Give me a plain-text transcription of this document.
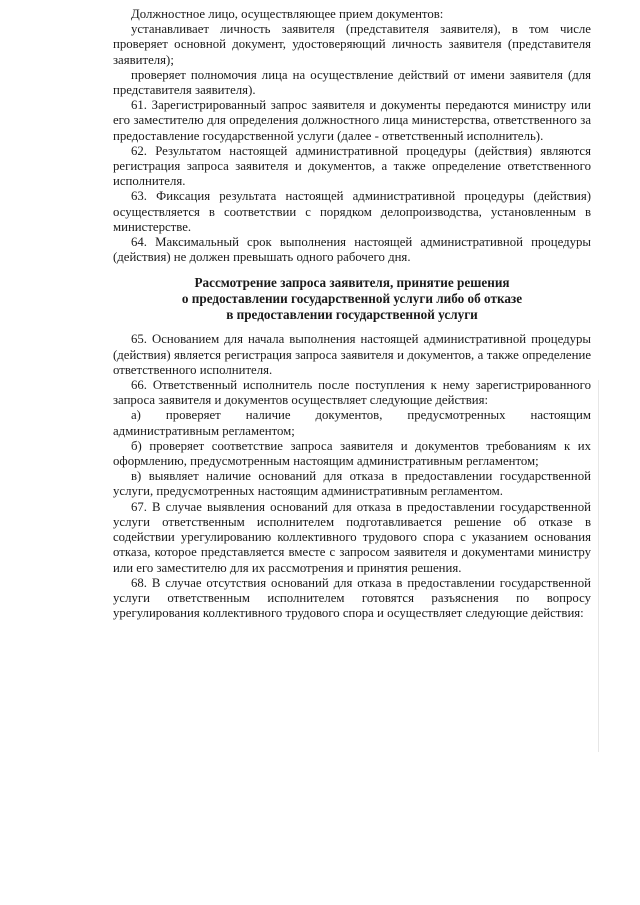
Должностное лицо, осуществляющее прием документов:

устанавливает личность заявителя (представителя заявителя), в том числе проверяет основной документ, удостоверяющий личность заявителя (представителя заявителя);

проверяет полномочия лица на осуществление действий от имени заявителя (для представителя заявителя).

61. Зарегистрированный запрос заявителя и документы передаются министру или его заместителю для определения должностного лица министерства, ответственного за предоставление государственной услуги (далее - ответственный исполнитель).

62. Результатом настоящей административной процедуры (действия) являются регистрация запроса заявителя и документов, а также определение ответственного исполнителя.

63. Фиксация результата настоящей административной процедуры (действия) осуществляется в соответствии с порядком делопроизводства, установленным в министерстве.

64. Максимальный срок выполнения настоящей административной процедуры (действия) не должен превышать одного рабочего дня.

Рассмотрение запроса заявителя, принятие решения
о предоставлении государственной услуги либо об отказе
в предоставлении государственной услуги

65. Основанием для начала выполнения настоящей административной процедуры (действия) является регистрация запроса заявителя и документов, а также определение ответственного исполнителя.

66. Ответственный исполнитель после поступления к нему зарегистрированного запроса заявителя и документов осуществляет следующие действия:

а) проверяет наличие документов, предусмотренных настоящим административным регламентом;

б) проверяет соответствие запроса заявителя и документов требованиям к их оформлению, предусмотренным настоящим административным регламентом;

в) выявляет наличие оснований для отказа в предоставлении государственной услуги, предусмотренных настоящим административным регламентом.

67. В случае выявления оснований для отказа в предоставлении государственной услуги ответственным исполнителем подготавливается решение об отказе в содействии урегулированию коллективного трудового спора с указанием основания отказа, которое представляется вместе с запросом заявителя и документами министру или его заместителю для их рассмотрения и принятия решения.

68. В случае отсутствия оснований для отказа в предоставлении государственной услуги ответственным исполнителем готовятся разъяснения по вопросу урегулирования коллективного трудового спора и осуществляет следующие действия:
